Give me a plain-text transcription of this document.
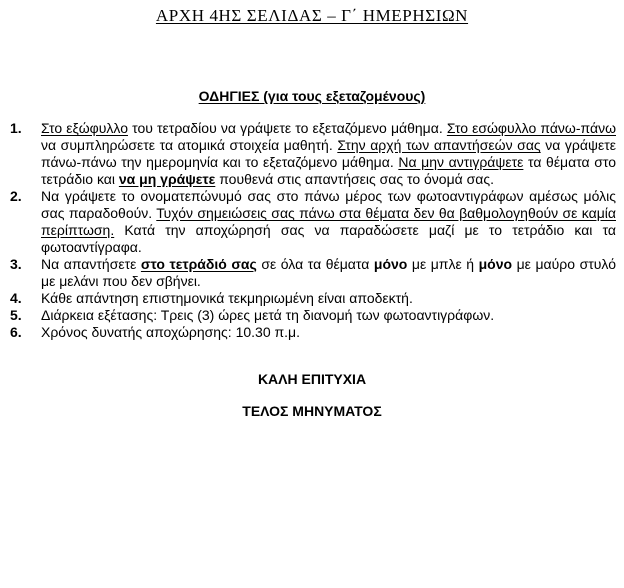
ΑΡΧΗ 4ΗΣ ΣΕΛΙΔΑΣ – Γ΄ ΗΜΕΡΗΣΙΩΝ
ΟΔΗΓΙΕΣ (για τους εξεταζομένους)
1.	Στο εξώφυλλο του τετραδίου να γράψετε το εξεταζόμενο μάθημα. Στο εσώφυλλο πάνω-πάνω να συμπληρώσετε τα ατομικά στοιχεία μαθητή. Στην αρχή των απαντήσεών σας να γράψετε πάνω-πάνω την ημερομηνία και το εξεταζόμενο μάθημα. Να μην αντιγράψετε τα θέματα στο τετράδιο και να μη γράψετε πουθενά στις απαντήσεις σας το όνομά σας.
2.	Να γράψετε το ονοματεπώνυμό σας στο πάνω μέρος των φωτοαντιγράφων αμέσως μόλις σας παραδοθούν. Τυχόν σημειώσεις σας πάνω στα θέματα δεν θα βαθμολογηθούν σε καμία περίπτωση. Κατά την αποχώρησή σας να παραδώσετε μαζί με το τετράδιο και τα φωτοαντίγραφα.
3.	Να απαντήσετε στο τετράδιό σας σε όλα τα θέματα μόνο με μπλε ή μόνο με μαύρο στυλό με μελάνι που δεν σβήνει.
4.	Κάθε απάντηση επιστημονικά τεκμηριωμένη είναι αποδεκτή.
5.	Διάρκεια εξέτασης: Τρεις (3) ώρες μετά τη διανομή των φωτοαντιγράφων.
6.	Χρόνος δυνατής αποχώρησης: 10.30 π.μ.
ΚΑΛΗ ΕΠΙΤΥΧΙΑ
ΤΕΛΟΣ ΜΗΝΥΜΑΤΟΣ
